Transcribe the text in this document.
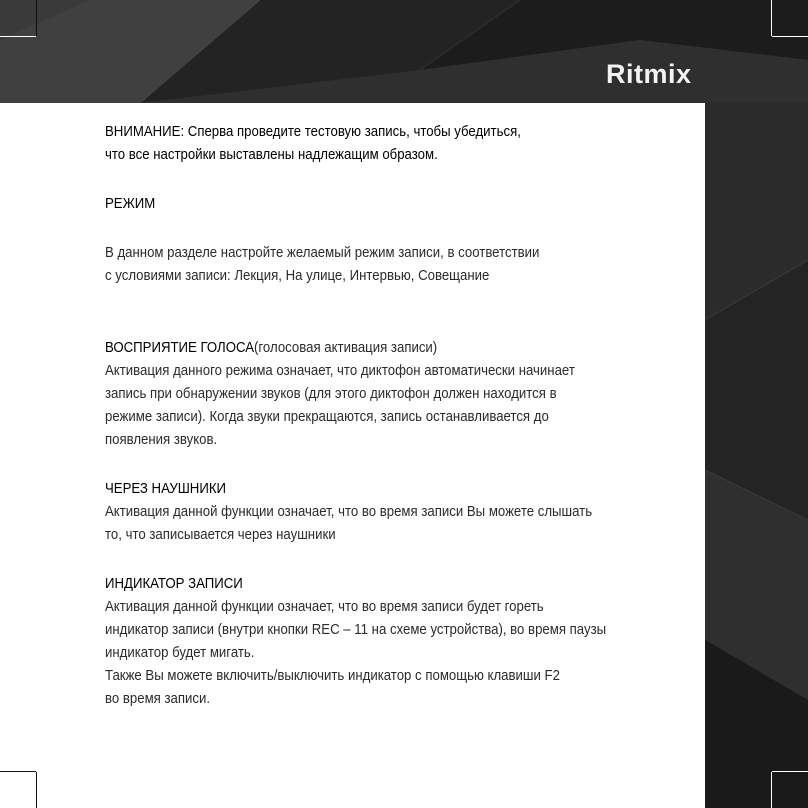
Ritmix

ВНИМАНИЕ: Сперва проведите тестовую запись, чтобы убедиться,
что все настройки выставлены надлежащим образом.

РЕЖИМ

В данном разделе настройте желаемый режим записи, в соответствии
с условиями записи: Лекция, На улице, Интервью, Совещание

ВОСПРИЯТИЕ ГОЛОСА(голосовая активация записи)

Активация данного режима означает, что диктофон автоматически начинает
запись при обнаружении звуков (для этого диктофон должен находится в
режиме записи). Когда звуки прекращаются, запись останавливается до
появления звуков.

ЧЕРЕЗ НАУШНИКИ

Активация данной функции означает, что во время записи Вы можете слышать
то, что записывается через наушники

ИНДИКАТОР ЗАПИСИ

Активация данной функции означает, что во время записи будет гореть
индикатор записи (внутри кнопки REC – 11 на схеме устройства), во время паузы
индикатор будет мигать.
Также Вы можете включить/выключить индикатор с помощью клавиши F2
во время записи.
